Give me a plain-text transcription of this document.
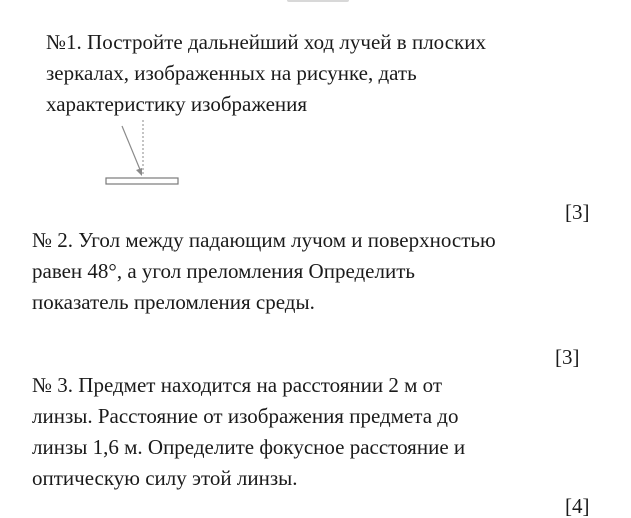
№1. Постройте дальнейший ход лучей в плоских
зеркалах, изображенных на рисунке, дать
характеристику изображения
[3]
№ 2. Угол между падающим лучом и поверхностью
равен 48°, а угол преломления Определить
показатель преломления среды.
[3]
№ 3. Предмет находится на расстоянии 2 м от
линзы. Расстояние от изображения предмета до
линзы 1,6 м. Определите фокусное расстояние и
оптическую силу этой линзы.
[4]
